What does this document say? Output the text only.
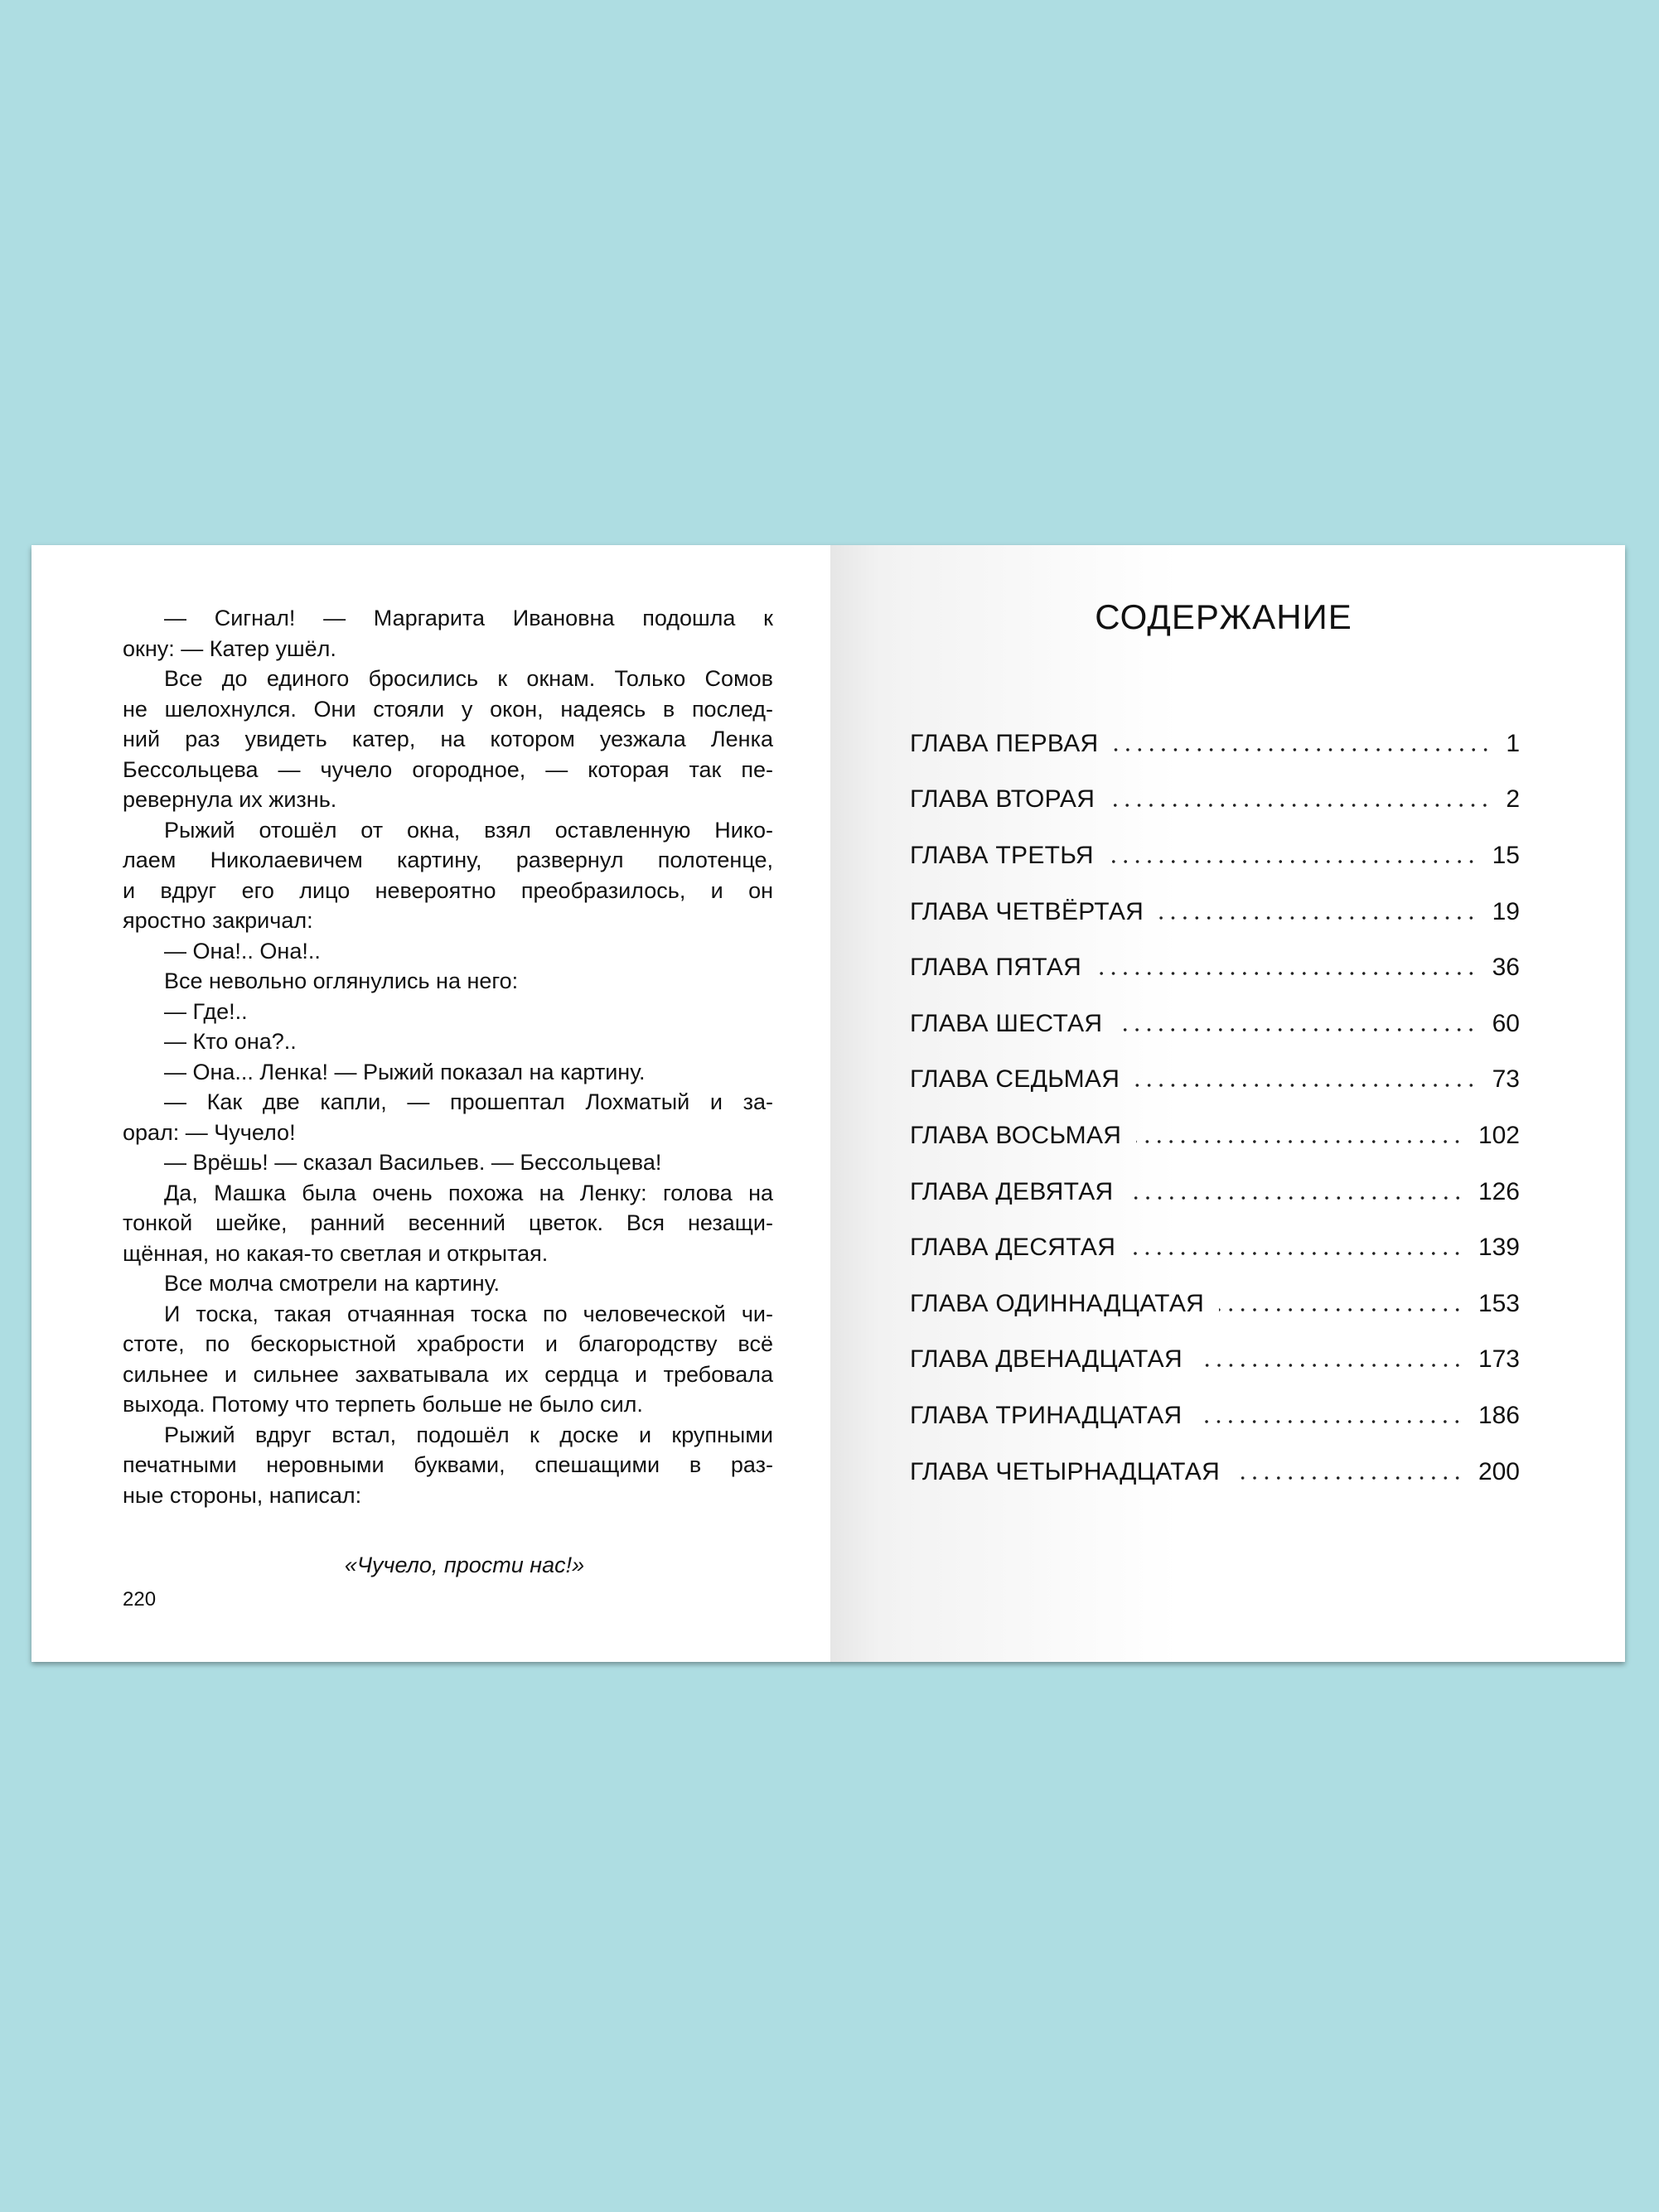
— Сигнал! — Маргарита Ивановна подошла к
окну: — Катер ушёл.
Все до единого бросились к окнам. Только Сомов
не шелохнулся. Они стояли у окон, надеясь в послед-
ний раз увидеть катер, на котором уезжала Ленка
Бессольцева — чучело огородное, — которая так пе-
ревернула их жизнь.
Рыжий отошёл от окна, взял оставленную Нико-
лаем Николаевичем картину, развернул полотенце,
и вдруг его лицо невероятно преобразилось, и он
яростно закричал:
— Она!.. Она!..
Все невольно оглянулись на него:
— Где!..
— Кто она?..
— Она... Ленка! — Рыжий показал на картину.
— Как две капли, — прошептал Лохматый и за-
орал: — Чучело!
— Врёшь! — сказал Васильев. — Бессольцева!
Да, Машка была очень похожа на Ленку: голова на
тонкой шейке, ранний весенний цветок. Вся незащи-
щённая, но какая-то светлая и открытая.
Все молча смотрели на картину.
И тоска, такая отчаянная тоска по человеческой чи-
стоте, по бескорыстной храбрости и благородству всё
сильнее и сильнее захватывала их сердца и требовала
выхода. Потому что терпеть больше не было сил.
Рыжий вдруг встал, подошёл к доске и крупными
печатными неровными буквами, спешащими в раз-
ные стороны, написал:
«Чучело, прости нас!»
220
СОДЕРЖАНИЕ
ГЛАВА ПЕРВАЯ	1
ГЛАВА ВТОРАЯ	2
ГЛАВА ТРЕТЬЯ	15
ГЛАВА ЧЕТВЁРТАЯ	19
ГЛАВА ПЯТАЯ	36
ГЛАВА ШЕСТАЯ	60
ГЛАВА СЕДЬМАЯ	73
ГЛАВА ВОСЬМАЯ	102
ГЛАВА ДЕВЯТАЯ	126
ГЛАВА ДЕСЯТАЯ	139
ГЛАВА ОДИННАДЦАТАЯ	153
ГЛАВА ДВЕНАДЦАТАЯ	173
ГЛАВА ТРИНАДЦАТАЯ	186
ГЛАВА ЧЕТЫРНАДЦАТАЯ	200
